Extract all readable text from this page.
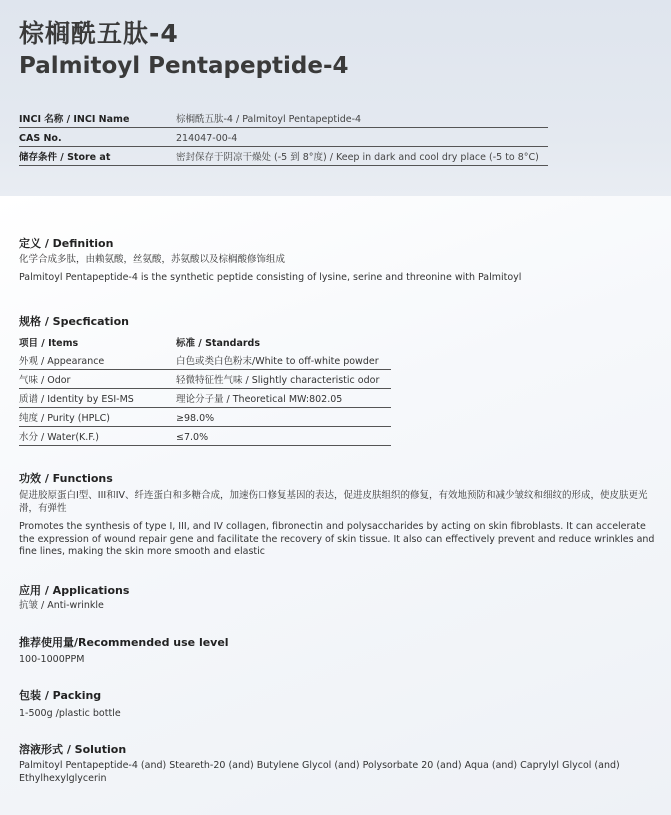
棕榈酰五肽-4
Palmitoyl Pentapeptide-4
INCI 名称 / INCI Name	棕榈酰五肽-4 / Palmitoyl Pentapeptide-4
CAS No.	214047-00-4
储存条件 / Store at	密封保存于阴凉干燥处 (-5 到 8°度) / Keep in dark and cool dry place (-5 to 8°C)
定义 / Definition
化学合成多肽，由赖氨酸，丝氨酸，苏氨酸以及棕榈酸修饰组成
Palmitoyl Pentapeptide-4 is the synthetic peptide consisting of lysine, serine and threonine with Palmitoyl
规格 / Specfication
项目 / Items	标准 / Standards
外观 / Appearance	白色或类白色粉末/White to off-white powder
气味 / Odor	轻微特征性气味 / Slightly characteristic odor
质谱 / Identity by ESI-MS	理论分子量 / Theoretical MW:802.05
纯度 / Purity (HPLC)	≥98.0%
水分 / Water(K.F.)	≤7.0%
功效 / Functions
促进胶原蛋白I型、III和IV、纤连蛋白和多糖合成，加速伤口修复基因的表达，促进皮肤组织的修复，有效地预防和减少皱纹和细纹的形成，使皮肤更光滑，有弹性
Promotes the synthesis of type I, III, and IV collagen, fibronectin and polysaccharides by acting on skin fibroblasts. It can accelerate the expression of wound repair gene and facilitate the recovery of skin tissue. It also can effectively prevent and reduce wrinkles and fine lines, making the skin more smooth and elastic
应用 / Applications
抗皱 / Anti-wrinkle
推荐使用量/Recommended use level
100-1000PPM
包装 / Packing
1-500g /plastic bottle
溶液形式 / Solution
Palmitoyl Pentapeptide-4 (and) Steareth-20 (and) Butylene Glycol (and) Polysorbate 20 (and) Aqua (and) Caprylyl Glycol (and) Ethylhexylglycerin
